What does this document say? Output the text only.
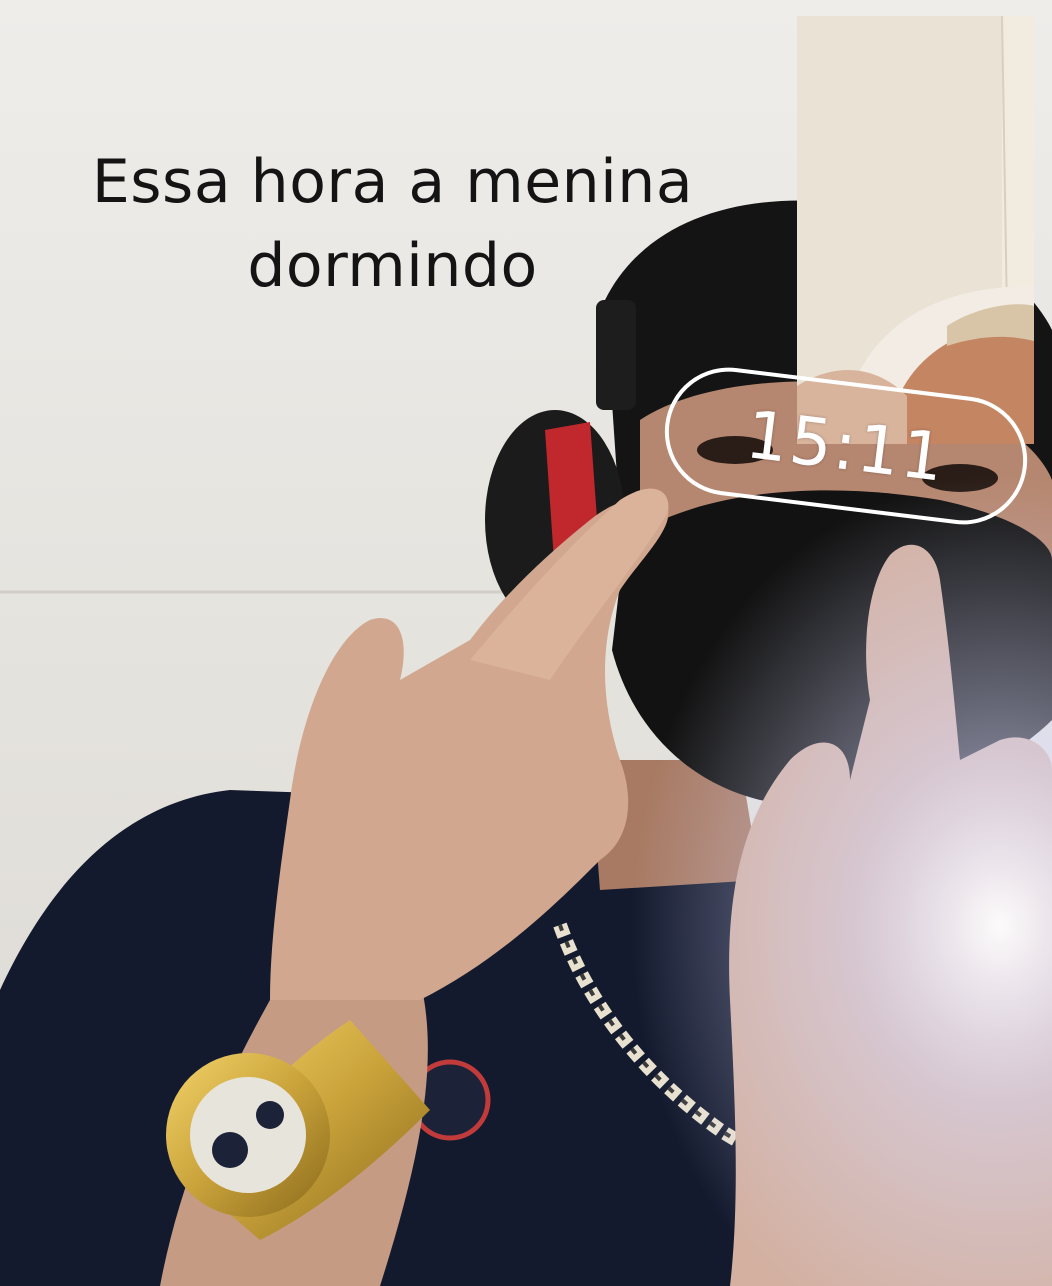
Essa hora a menina
dormindo
15:11
